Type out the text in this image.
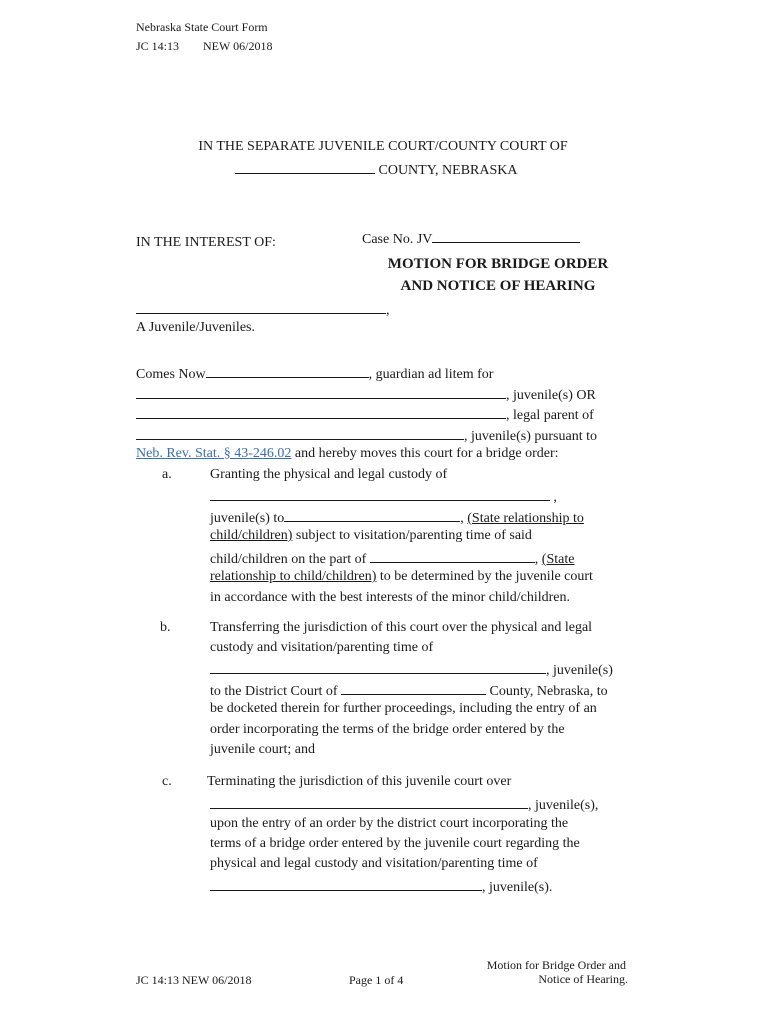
Nebraska State Court Form
JC 14:13 NEW 06/2018
IN THE SEPARATE JUVENILE COURT/COUNTY COURT OF
COUNTY, NEBRASKA
IN THE INTEREST OF:	Case No. JV
MOTION FOR BRIDGE ORDER
AND NOTICE OF HEARING
,
A Juvenile/Juveniles.
Comes Now	, guardian ad litem for
, juvenile(s) OR
, legal parent of
, juvenile(s) pursuant to
Neb. Rev. Stat. § 43-246.02 and hereby moves this court for a bridge order:
a.	Granting the physical and legal custody of
,
juvenile(s) to	, (State relationship to
child/children) subject to visitation/parenting time of said
child/children on the part of	, (State
relationship to child/children) to be determined by the juvenile court
in accordance with the best interests of the minor child/children.
b.	Transferring the jurisdiction of this court over the physical and legal
custody and visitation/parenting time of
, juvenile(s)
to the District Court of	County, Nebraska, to
be docketed therein for further proceedings, including the entry of an
order incorporating the terms of the bridge order entered by the
juvenile court; and
c.	Terminating the jurisdiction of this juvenile court over
, juvenile(s),
upon the entry of an order by the district court incorporating the
terms of a bridge order entered by the juvenile court regarding the
physical and legal custody and visitation/parenting time of
, juvenile(s).
JC 14:13 NEW 06/2018	Page 1 of 4
Motion for Bridge Order and
Notice of Hearing.
